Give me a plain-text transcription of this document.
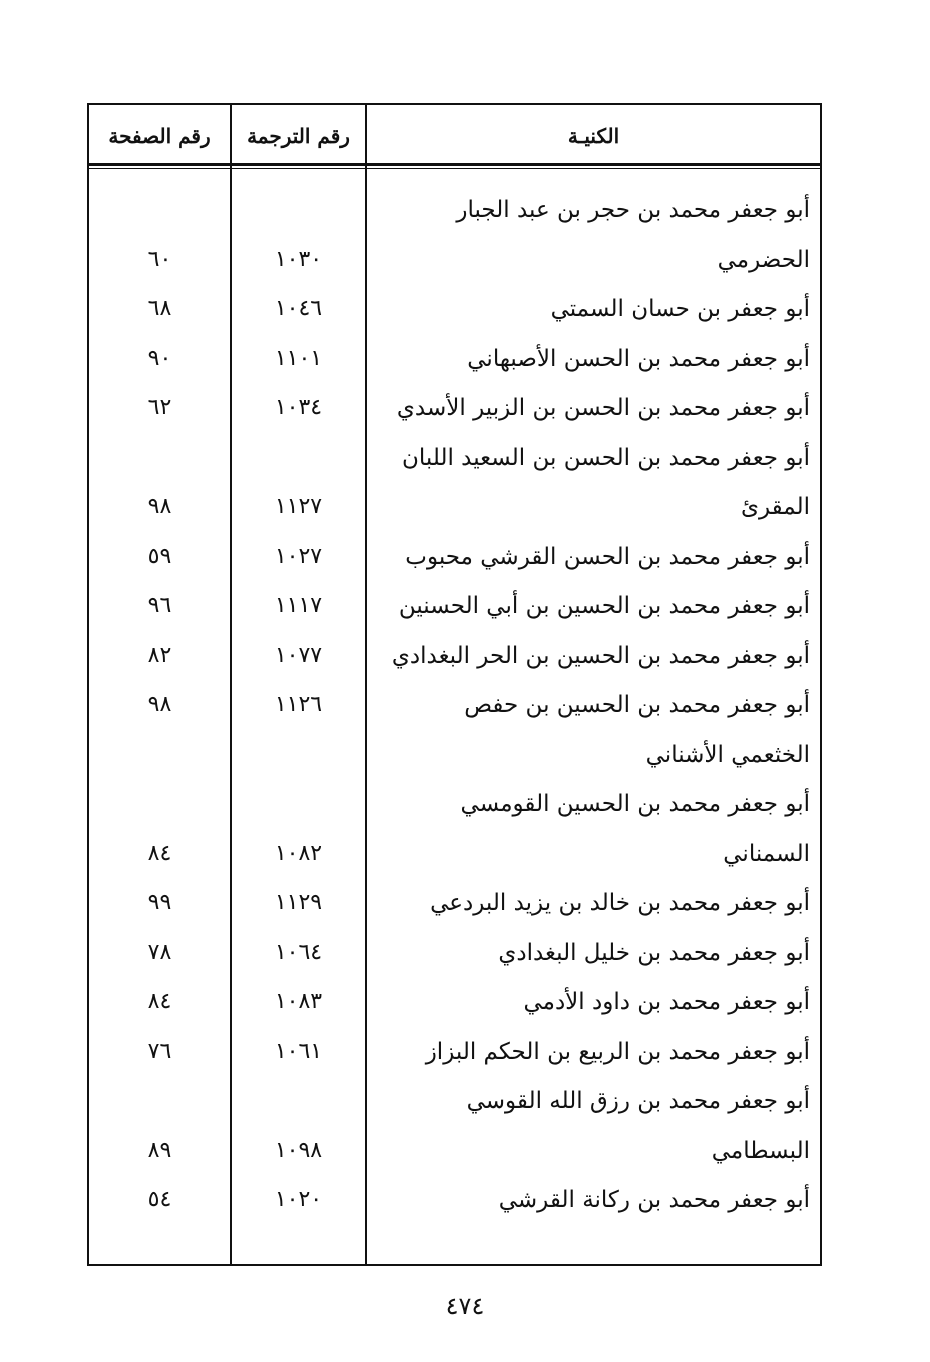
الكنيـة
رقم الترجمة
رقم الصفحة
أبو جعفر محمد بن حجر بن عبد الجبار
الحضرمي
١٠٣٠
٦٠
أبو جعفر بن حسان السمتي
١٠٤٦
٦٨
أبو جعفر محمد بن الحسن الأصبهاني
١١٠١
٩٠
أبو جعفر محمد بن الحسن بن الزبير الأسدي
١٠٣٤
٦٢
أبو جعفر محمد بن الحسن بن السعيد اللبان
المقرئ
١١٢٧
٩٨
أبو جعفر محمد بن الحسن القرشي محبوب
١٠٢٧
٥٩
أبو جعفر محمد بن الحسين بن أبي الحسنين
١١١٧
٩٦
أبو جعفر محمد بن الحسين بن الحر البغدادي
١٠٧٧
٨٢
أبو جعفر محمد بن الحسين بن حفص
١١٢٦
٩٨
الخثعمي الأشناني
أبو جعفر محمد بن الحسين القومسي
السمناني
١٠٨٢
٨٤
أبو جعفر محمد بن خالد بن يزيد البردعي
١١٢٩
٩٩
أبو جعفر محمد بن خليل البغدادي
١٠٦٤
٧٨
أبو جعفر محمد بن داود الأدمي
١٠٨٣
٨٤
أبو جعفر محمد بن الربيع بن الحكم البزاز
١٠٦١
٧٦
أبو جعفر محمد بن رزق الله القوسي
البسطامي
١٠٩٨
٨٩
أبو جعفر محمد بن ركانة القرشي
١٠٢٠
٥٤
٤٧٤
